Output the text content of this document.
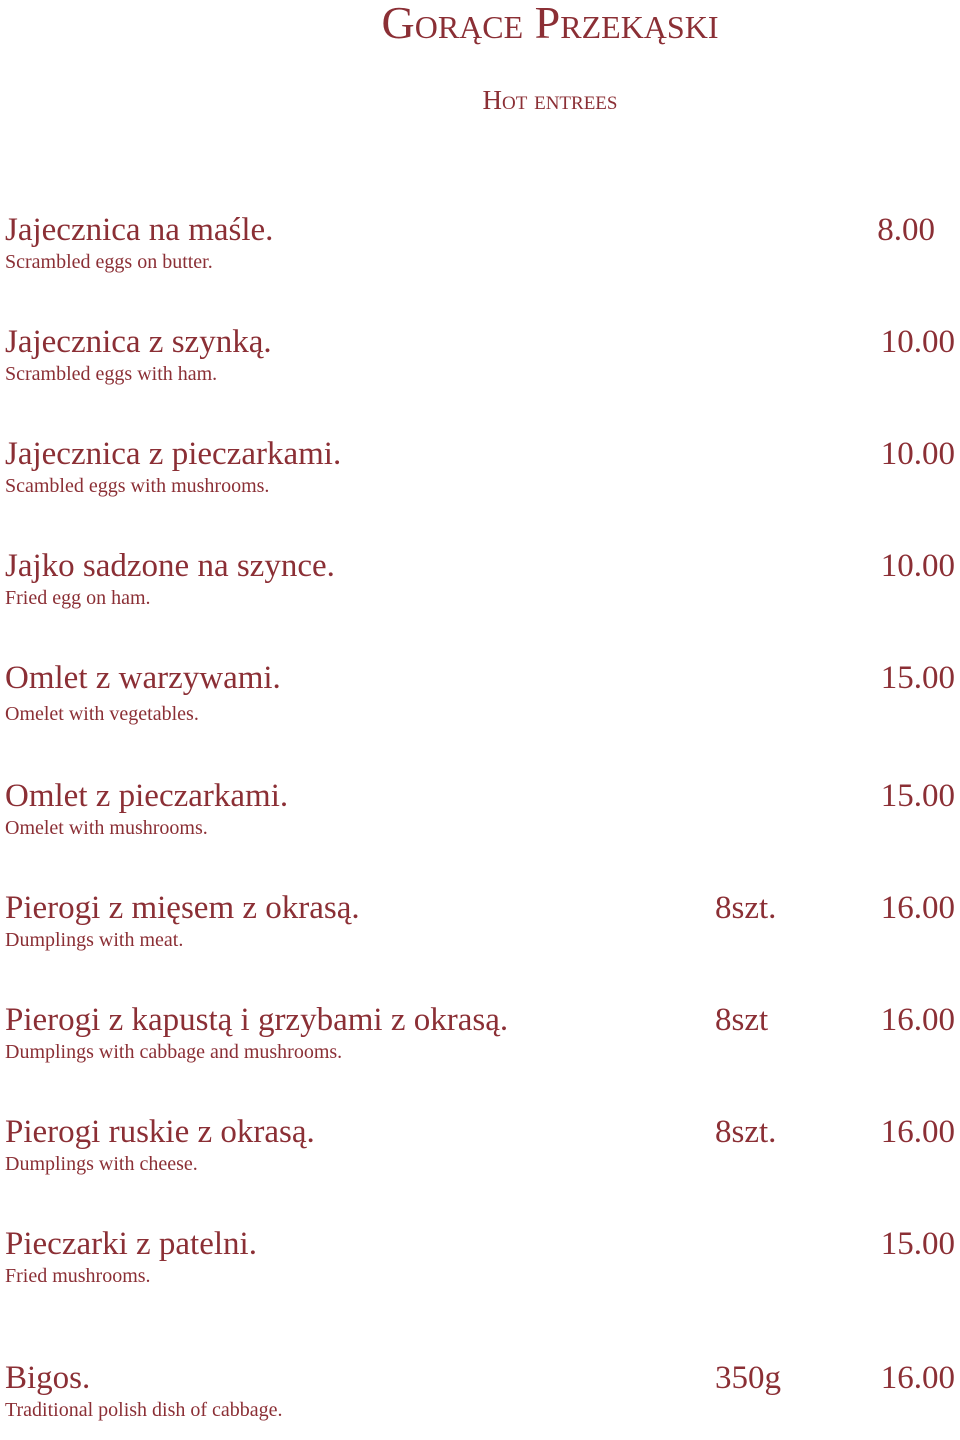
Gorące Przekąski
Hot entrees
Jajecznica na maśle.	8.00
Scrambled eggs on butter.
Jajecznica z szynką.	10.00
Scrambled eggs with ham.
Jajecznica z pieczarkami.	10.00
Scambled eggs with mushrooms.
Jajko sadzone na szynce.	10.00
Fried egg on ham.
Omlet z warzywami.	15.00
Omelet with vegetables.
Omlet z pieczarkami.	15.00
Omelet with mushrooms.
Pierogi z mięsem z okrasą.	8szt.	16.00
Dumplings with meat.
Pierogi z kapustą i grzybami z okrasą.	8szt	16.00
Dumplings with cabbage and mushrooms.
Pierogi ruskie z okrasą.	8szt.	16.00
Dumplings with cheese.
Pieczarki z patelni.	15.00
Fried mushrooms.
Bigos.	350g	16.00
Traditional polish dish of cabbage.
